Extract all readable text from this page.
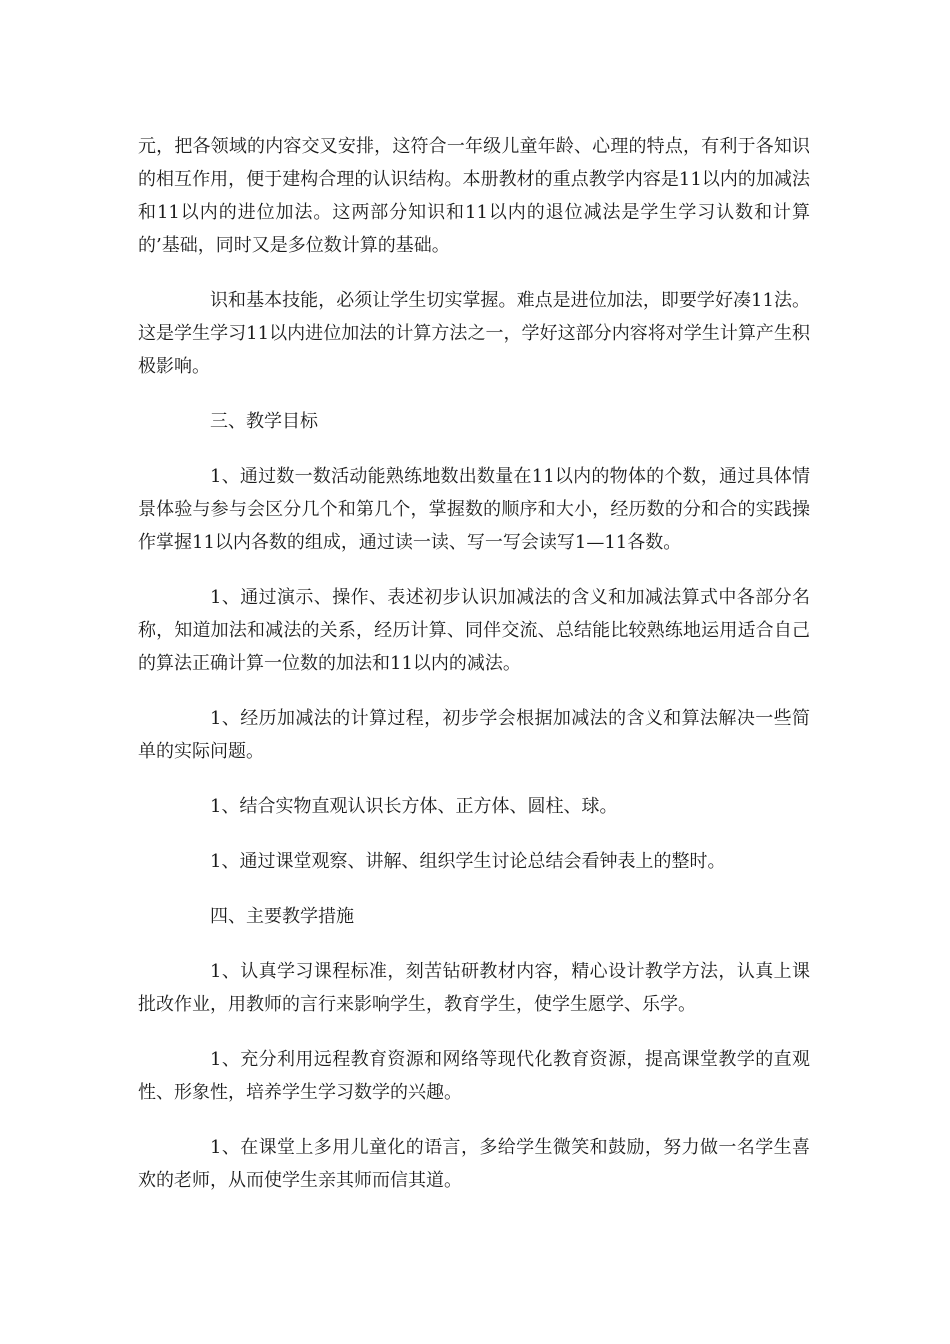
元，把各领域的内容交叉安排，这符合一年级儿童年龄、心理的特点，有利于各知识的相互作用，便于建构合理的认识结构。本册教材的重点教学内容是11以内的加减法和11以内的进位加法。这两部分知识和11以内的退位减法是学生学习认数和计算的’基础，同时又是多位数计算的基础。

识和基本技能，必须让学生切实掌握。难点是进位加法，即要学好凑11法。这是学生学习11以内进位加法的计算方法之一，学好这部分内容将对学生计算产生积极影响。

三、教学目标

1、通过数一数活动能熟练地数出数量在11以内的物体的个数，通过具体情景体验与参与会区分几个和第几个，掌握数的顺序和大小，经历数的分和合的实践操作掌握11以内各数的组成，通过读一读、写一写会读写1—11各数。

1、通过演示、操作、表述初步认识加减法的含义和加减法算式中各部分名称，知道加法和减法的关系，经历计算、同伴交流、总结能比较熟练地运用适合自己的算法正确计算一位数的加法和11以内的减法。

1、经历加减法的计算过程，初步学会根据加减法的含义和算法解决一些简单的实际问题。

1、结合实物直观认识长方体、正方体、圆柱、球。

1、通过课堂观察、讲解、组织学生讨论总结会看钟表上的整时。

四、主要教学措施

1、认真学习课程标准，刻苦钻研教材内容，精心设计教学方法，认真上课批改作业，用教师的言行来影响学生，教育学生，使学生愿学、乐学。

1、充分利用远程教育资源和网络等现代化教育资源，提高课堂教学的直观性、形象性，培养学生学习数学的兴趣。

1、在课堂上多用儿童化的语言，多给学生微笑和鼓励，努力做一名学生喜欢的老师，从而使学生亲其师而信其道。
